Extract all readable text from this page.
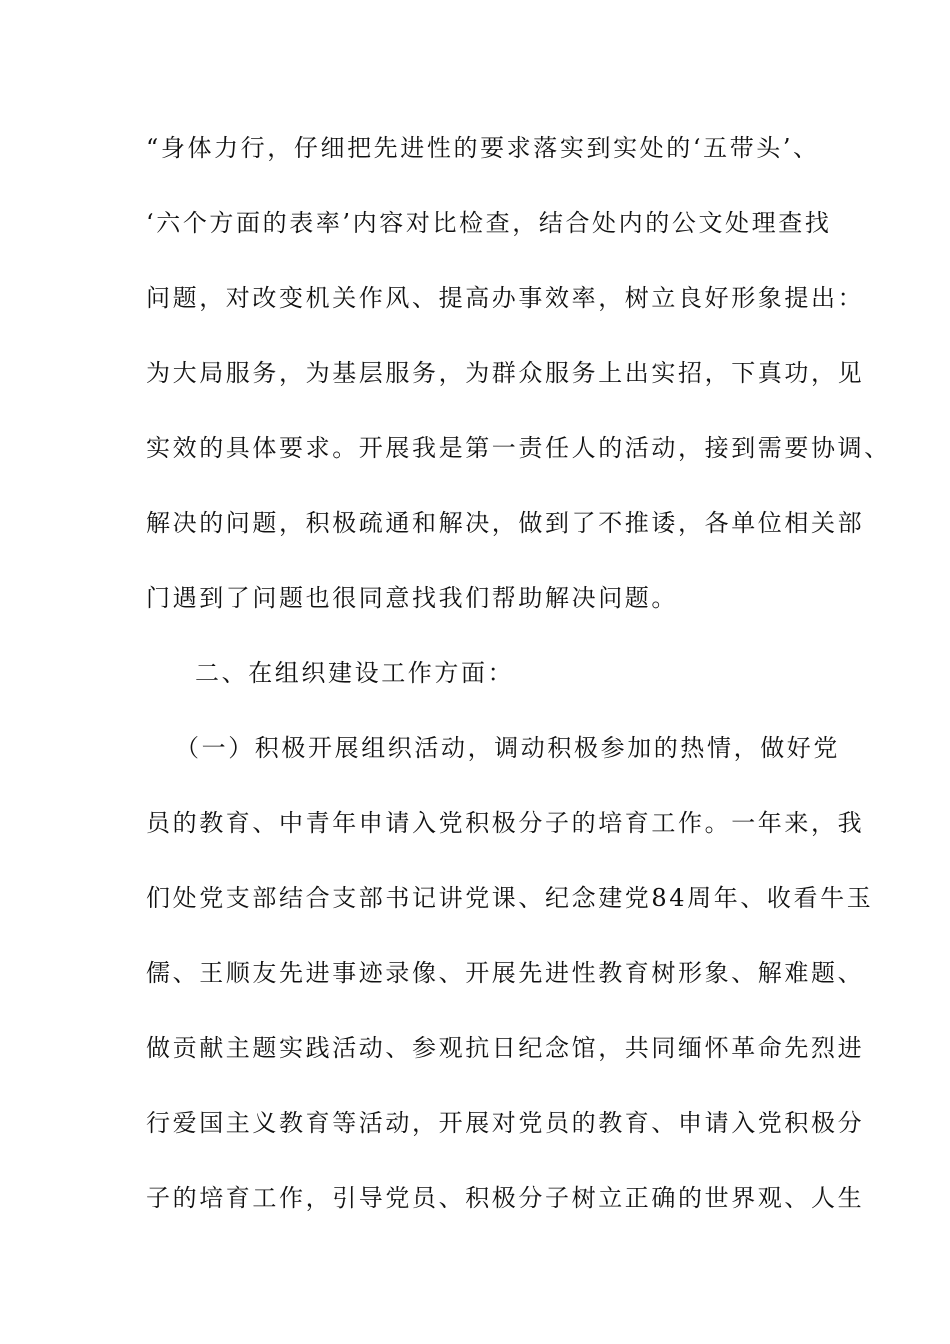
“身体力行，仔细把先进性的要求落实到实处的‘五带头’、
‘六个方面的表率’内容对比检查，结合处内的公文处理查找
问题，对改变机关作风、提高办事效率，树立良好形象提出：
为大局服务，为基层服务，为群众服务上出实招，下真功，见
实效的具体要求。开展我是第一责任人的活动，接到需要协调、
解决的问题，积极疏通和解决，做到了不推诿，各单位相关部
门遇到了问题也很同意找我们帮助解决问题。
二、在组织建设工作方面：
（一）积极开展组织活动，调动积极参加的热情，做好党
员的教育、中青年申请入党积极分子的培育工作。一年来，我
们处党支部结合支部书记讲党课、纪念建党84周年、收看牛玉
儒、王顺友先进事迹录像、开展先进性教育树形象、解难题、
做贡献主题实践活动、参观抗日纪念馆，共同缅怀革命先烈进
行爱国主义教育等活动，开展对党员的教育、申请入党积极分
子的培育工作，引导党员、积极分子树立正确的世界观、人生
